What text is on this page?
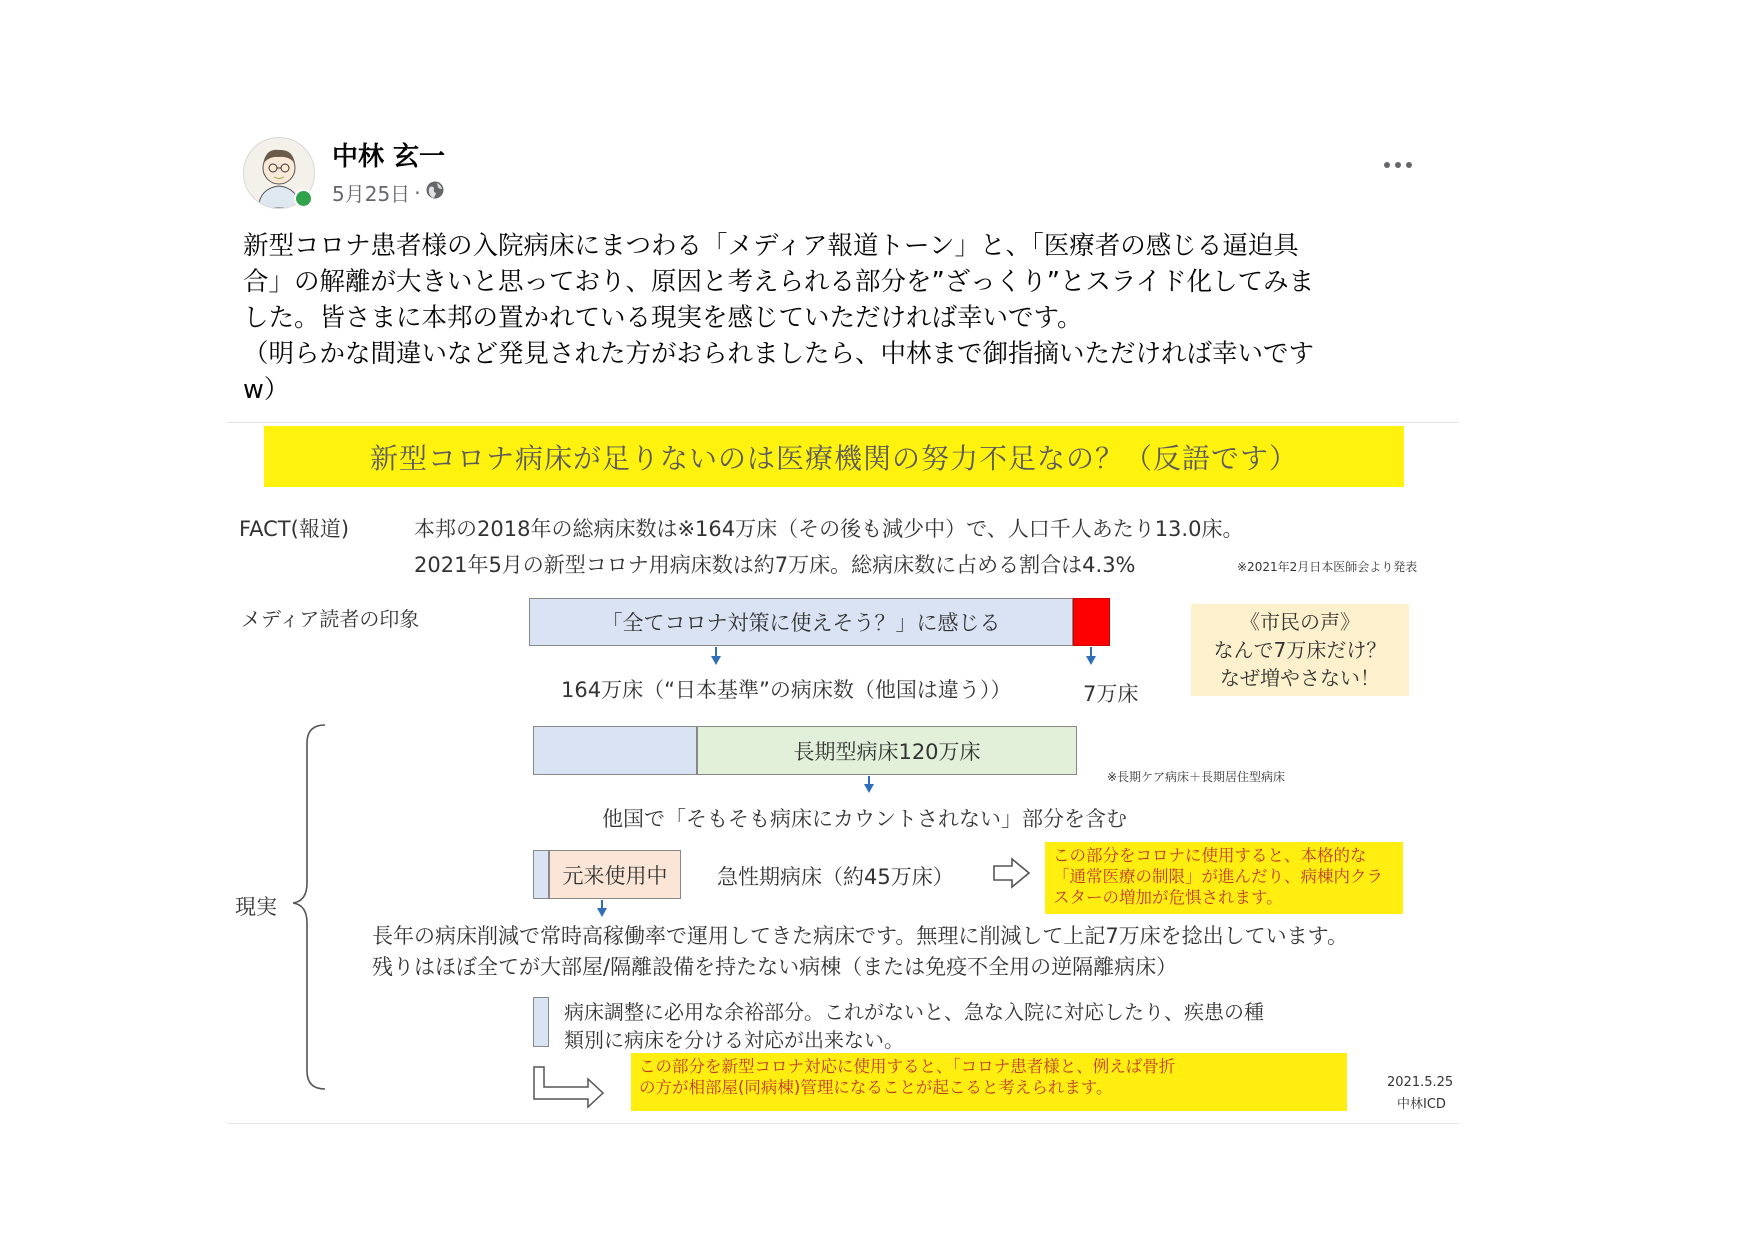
中林 玄一
5月25日 ·
新型コロナ患者様の入院病床にまつわる「メディア報道トーン」と、「医療者の感じる逼迫具
合」の解離が大きいと思っており、原因と考えられる部分を”ざっくり”とスライド化してみま
した。皆さまに本邦の置かれている現実を感じていただければ幸いです。
（明らかな間違いなど発見された方がおられましたら、中林まで御指摘いただければ幸いです
w）
新型コロナ病床が足りないのは医療機関の努力不足なの？（反語です）
FACT(報道)	本邦の2018年の総病床数は※164万床（その後も減少中）で、人口千人あたり13.0床。
2021年5月の新型コロナ用病床数は約7万床。総病床数に占める割合は4.3%	※2021年2月日本医師会より発表
メディア読者の印象	「全てコロナ対策に使えそう？」に感じる
164万床（“日本基準”の病床数（他国は違う））	7万床
《市民の声》
なんで7万床だけ？
なぜ増やさない！
現実
長期型病床120万床
※長期ケア病床＋長期居住型病床
他国で「そもそも病床にカウントされない」部分を含む
元来使用中	急性期病床（約45万床）
この部分をコロナに使用すると、本格的な
「通常医療の制限」が進んだり、病棟内クラ
スターの増加が危惧されます。
長年の病床削減で常時高稼働率で運用してきた病床です。無理に削減して上記7万床を捻出しています。
残りはほぼ全てが大部屋/隔離設備を持たない病棟（または免疫不全用の逆隔離病床）
病床調整に必用な余裕部分。これがないと、急な入院に対応したり、疾患の種
類別に病床を分ける対応が出来ない。
この部分を新型コロナ対応に使用すると、「コロナ患者様と、例えば骨折
の方が相部屋(同病棟)管理になることが起こると考えられます。	2021.5.25
中林ICD
